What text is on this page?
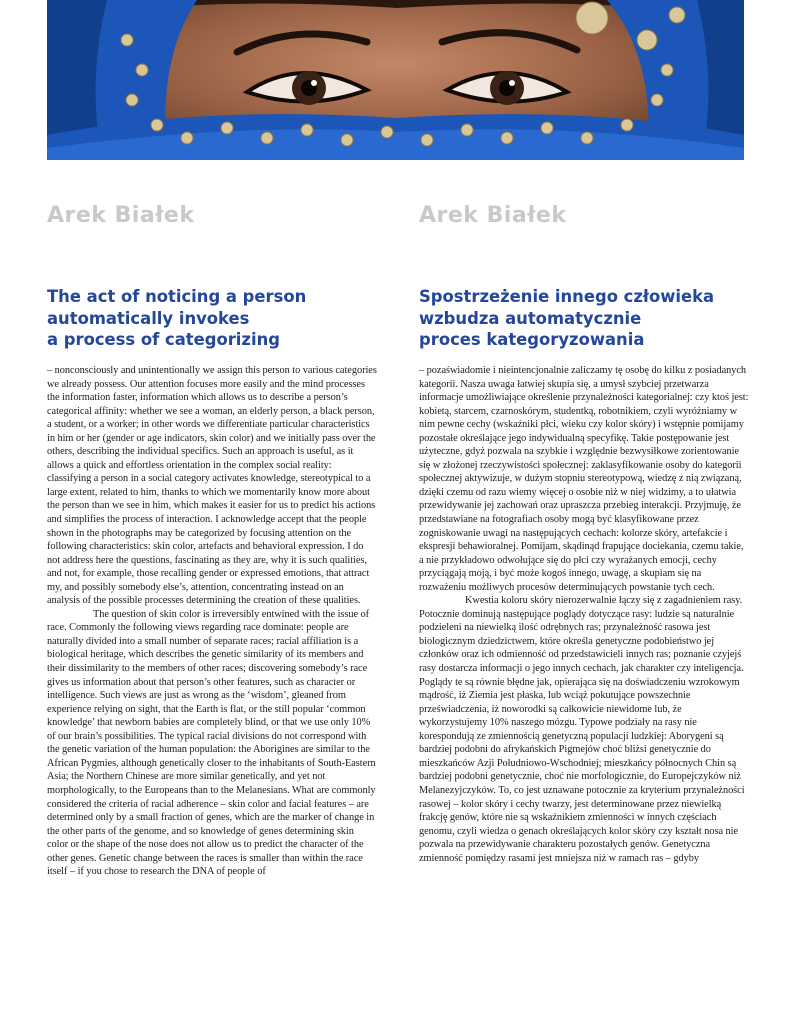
Arek Białek
The act of noticing a person
automatically invokes
a process of categorizing

– nonconsciously and unintentionally we assign this person to various categories we already possess. Our attention focuses more easily and the mind processes the information faster, information which allows us to describe a person’s categorical affinity: whether we see a woman, an elderly person, a black person, a student, or a worker; in other words we differentiate particular characteristics in him or her (gender or age indicators, skin color) and we initially pass over the others, describing the individual specifics. Such an approach is useful, as it allows a quick and effortless orientation in the complex social reality: classifying a person in a social category activates knowledge, stereotypical to a large extent, related to him, thanks to which we momentarily know more about the person than we see in him, which makes it easier for us to predict his actions and simplifies the process of interaction. I acknowledge accept that the people shown in the photographs may be categorized by focusing attention on the following characteristics: skin color, artefacts and behavioral expression. I do not address here the questions, fascinating as they are, why it is such qualities, and not, for example, those recalling gender or expressed emotions, that attract my, and possibly somebody else’s, attention, concentrating instead on an analysis of the possible processes determining the creation of these qualities.

The question of skin color is irreversibly entwined with the issue of race. Commonly the following views regarding race dominate: people are naturally divided into a small number of separate races; racial affiliation is a biological heritage, which describes the genetic similarity of its members and their dissimilarity to the members of other races; discovering somebody’s race gives us information about that person’s other features, such as character or intelligence. Such views are just as wrong as the ‘wisdom’, gleaned from experience relying on sight, that the Earth is flat, or the still popular ‘common knowledge’ that newborn babies are completely blind, or that we use only 10% of our brain’s possibilities. The typical racial divisions do not correspond with the genetic variation of the human population: the Aborigines are similar to the African Pygmies, although genetically closer to the inhabitants of South-Eastern Asia; the Northern Chinese are more similar genetically, and yet not morphologically, to the Europeans than to the Melanesians. What are commonly considered the criteria of racial adherence – skin color and facial features – are determined only by a small fraction of genes, which are the marker of change in the other parts of the genome, and so knowledge of genes determining skin color or the shape of the nose does not allow us to predict the character of the other genes. Genetic change between the races is smaller than within the race itself – if you chose to research the DNA of people of

Arek Białek
Spostrzeżenie innego człowieka
wzbudza automatycznie
proces kategoryzowania

– pozaświadomie i nieintencjonalnie zaliczamy tę osobę do kilku z posiadanych kategorii. Nasza uwaga łatwiej skupia się, a umysł szybciej przetwarza informacje umożliwiające określenie przynależności kategorialnej: czy ktoś jest: kobietą, starcem, czarnoskórym, studentką, robotnikiem, czyli wyróżniamy w nim pewne cechy (wskaźniki płci, wieku czy kolor skóry) i wstępnie pomijamy pozostałe określające jego indywidualną specyfikę. Takie postępowanie jest użyteczne, gdyż pozwala na szybkie i względnie bezwysiłkowe zorientowanie się w złożonej rzeczywistości społecznej: zaklasyfikowanie osoby do kategorii społecznej aktywizuje, w dużym stopniu stereotypową, wiedzę z nią związaną, dzięki czemu od razu wiemy więcej o osobie niż w niej widzimy, a to ułatwia przewidywanie jej zachowań oraz upraszcza przebieg interakcji. Przyjmuję, że przedstawiane na fotografiach osoby mogą być klasyfikowane przez zogniskowanie uwagi na następujących cechach: kolorze skóry, artefakcie i ekspresji behawioralnej. Pomijam, skądinąd frapujące dociekania, czemu takie, a nie przykładowo odwołujące się do płci czy wyrażanych emocji, cechy przyciągają moją, i być może kogoś innego, uwagę, a skupiam się na rozważeniu możliwych procesów determinujących powstanie tych cech.

Kwestia koloru skóry nierozerwalnie łączy się z zagadnieniem rasy. Potocznie dominują następujące poglądy dotyczące rasy: ludzie są naturalnie podzieleni na niewielką ilość odrębnych ras; przynależność rasowa jest biologicznym dziedzictwem, które określa genetyczne podobieństwo jej członków oraz ich odmienność od przedstawicieli innych ras; poznanie czyjejś rasy dostarcza informacji o jego innych cechach, jak charakter czy inteligencja. Poglądy te są równie błędne jak, opierająca się na doświadczeniu wzrokowym mądrość, iż Ziemia jest płaska, lub wciąż pokutujące powszechnie przeświadczenia, iż noworodki są całkowicie niewidome lub, że wykorzystujemy 10% naszego mózgu. Typowe podziały na rasy nie korespondują ze zmiennością genetyczną populacji ludzkiej: Aborygeni są bardziej podobni do afrykańskich Pigmejów choć bliżsi genetycznie do mieszkańców Azji Południowo-Wschodniej; mieszkańcy północnych Chin są bardziej podobni genetycznie, choć nie morfologicznie, do Europejczyków niż Melanezyjczyków. To, co jest uznawane potocznie za kryterium przynależności rasowej – kolor skóry i cechy twarzy, jest determinowane przez niewielką frakcję genów, które nie są wskaźnikiem zmienności w innych częściach genomu, czyli wiedza o genach określających kolor skóry czy kształt nosa nie pozwala na przewidywanie charakteru pozostałych genów. Genetyczna zmienność pomiędzy rasami jest mniejsza niż w ramach ras – gdyby
